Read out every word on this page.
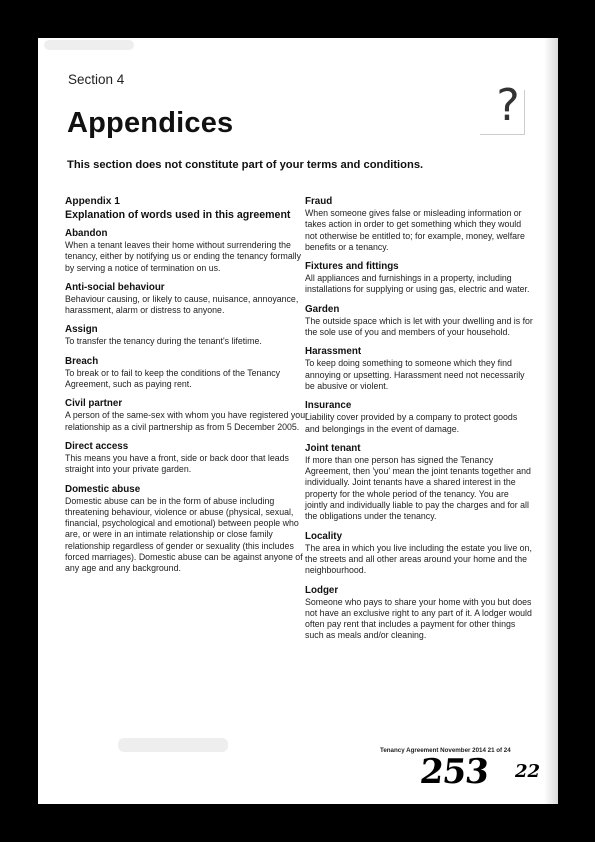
Section 4
Appendices	?
This section does not constitute part of your terms and conditions.
Appendix 1
Explanation of words used in this agreement
Abandon
When a tenant leaves their home without surrendering the tenancy, either by notifying us or ending the tenancy formally by serving a notice of termination on us.
Anti-social behaviour
Behaviour causing, or likely to cause, nuisance, annoyance, harassment, alarm or distress to anyone.
Assign
To transfer the tenancy during the tenant's lifetime.
Breach
To break or to fail to keep the conditions of the Tenancy Agreement, such as paying rent.
Civil partner
A person of the same-sex with whom you have registered your relationship as a civil partnership as from 5 December 2005.
Direct access
This means you have a front, side or back door that leads straight into your private garden.
Domestic abuse
Domestic abuse can be in the form of abuse including threatening behaviour, violence or abuse (physical, sexual, financial, psychological and emotional) between people who are, or were in an intimate relationship or close family relationship regardless of gender or sexuality (this includes forced marriages). Domestic abuse can be against anyone of any age and any background.
Fraud
When someone gives false or misleading information or takes action in order to get something which they would not otherwise be entitled to; for example, money, welfare benefits or a tenancy.
Fixtures and fittings
All appliances and furnishings in a property, including installations for supplying or using gas, electric and water.
Garden
The outside space which is let with your dwelling and is for the sole use of you and members of your household.
Harassment
To keep doing something to someone which they find annoying or upsetting. Harassment need not necessarily be abusive or violent.
Insurance
Liability cover provided by a company to protect goods and belongings in the event of damage.
Joint tenant
If more than one person has signed the Tenancy Agreement, then 'you' mean the joint tenants together and individually. Joint tenants have a shared interest in the property for the whole period of the tenancy. You are jointly and individually liable to pay the charges and for all the obligations under the tenancy.
Locality
The area in which you live including the estate you live on, the streets and all other areas around your home and the neighbourhood.
Lodger
Someone who pays to share your home with you but does not have an exclusive right to any part of it. A lodger would often pay rent that includes a payment for other things such as meals and/or cleaning.
Tenancy Agreement November 2014 21 of 24
253 22
